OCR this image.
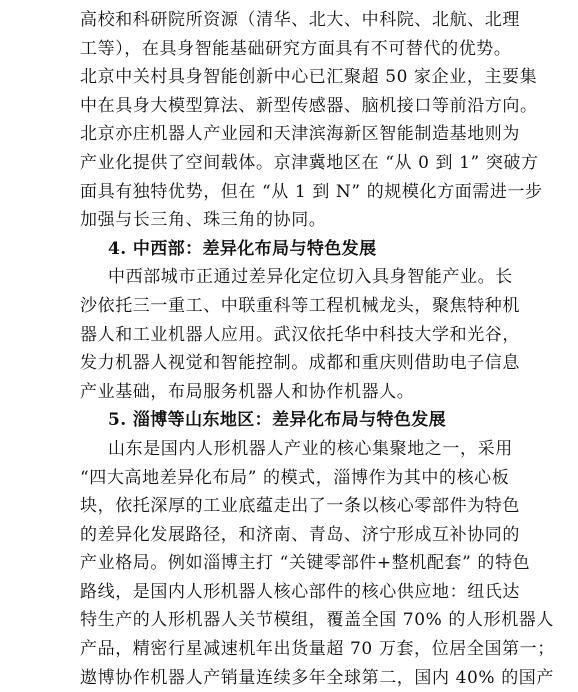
高校和科研院所资源（清华、北大、中科院、北航、北理
工等），在具身智能基础研究方面具有不可替代的优势。
北京中关村具身智能创新中心已汇聚超 50 家企业，主要集
中在具身大模型算法、新型传感器、脑机接口等前沿方向。
北京亦庄机器人产业园和天津滨海新区智能制造基地则为
产业化提供了空间载体。京津冀地区在 “从 0 到 1” 突破方
面具有独特优势，但在 “从 1 到 N” 的规模化方面需进一步
加强与长三角、珠三角的协同。
4. 中西部：差异化布局与特色发展
中西部城市正通过差异化定位切入具身智能产业。长
沙依托三一重工、中联重科等工程机械龙头，聚焦特种机
器人和工业机器人应用。武汉依托华中科技大学和光谷，
发力机器人视觉和智能控制。成都和重庆则借助电子信息
产业基础，布局服务机器人和协作机器人。
5. 淄博等山东地区：差异化布局与特色发展
山东是国内人形机器人产业的核心集聚地之一，采用
“四大高地差异化布局” 的模式，淄博作为其中的核心板
块，依托深厚的工业底蕴走出了一条以核心零部件为特色
的差异化发展路径，和济南、青岛、济宁形成互补协同的
产业格局。例如淄博主打 “关键零部件+整机配套” 的特色
路线，是国内人形机器人核心部件的核心供应地：纽氏达
特生产的人形机器人关节模组，覆盖全国 70% 的人形机器人
产品，精密行星减速机年出货量超 70 万套，位居全国第一；
遨博协作机器人产销量连续多年全球第二，国内 40% 的国产
